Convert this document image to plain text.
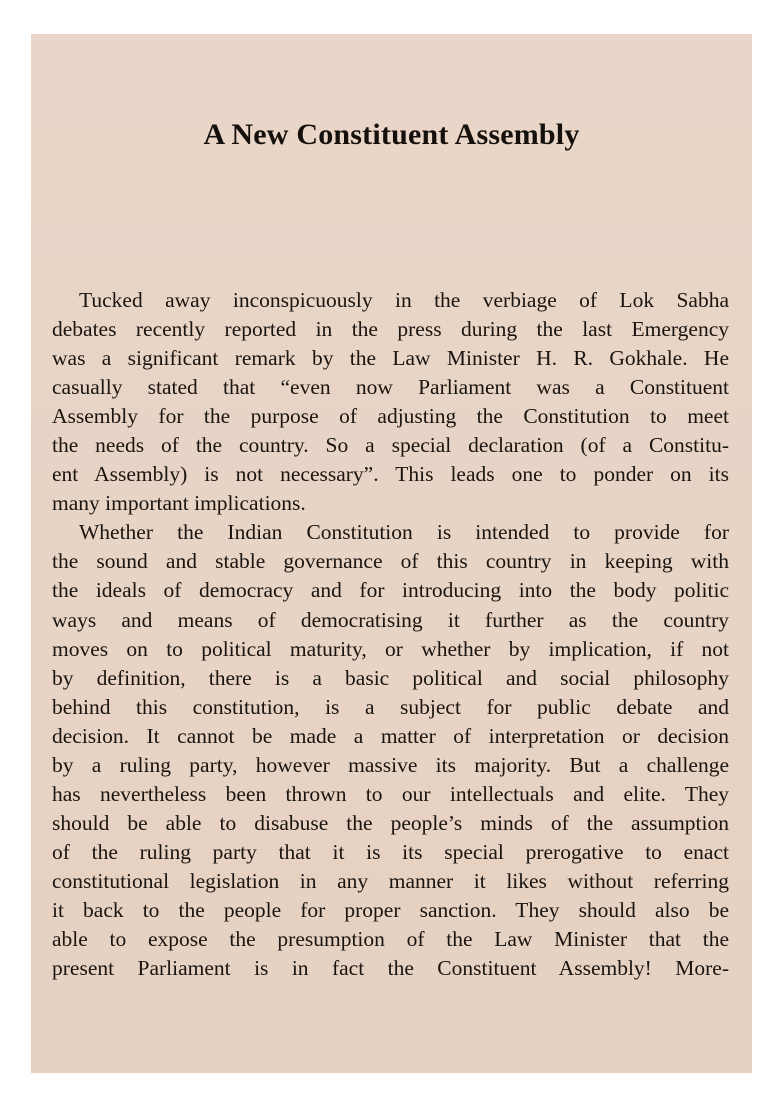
A New Constituent Assembly
Tucked away inconspicuously in the verbiage of Lok Sabha
debates recently reported in the press during the last Emergency
was a significant remark by the Law Minister H. R. Gokhale. He
casually stated that “even now Parliament was a Constituent
Assembly for the purpose of adjusting the Constitution to meet
the needs of the country. So a special declaration (of a Constitu-
ent Assembly) is not necessary”. This leads one to ponder on its
many important implications.
Whether the Indian Constitution is intended to provide for
the sound and stable governance of this country in keeping with
the ideals of democracy and for introducing into the body politic
ways and means of democratising it further as the country
moves on to political maturity, or whether by implication, if not
by definition, there is a basic political and social philosophy
behind this constitution, is a subject for public debate and
decision. It cannot be made a matter of interpretation or decision
by a ruling party, however massive its majority. But a challenge
has nevertheless been thrown to our intellectuals and elite. They
should be able to disabuse the people’s minds of the assumption
of the ruling party that it is its special prerogative to enact
constitutional legislation in any manner it likes without referring
it back to the people for proper sanction. They should also be
able to expose the presumption of the Law Minister that the
present Parliament is in fact the Constituent Assembly! More-
